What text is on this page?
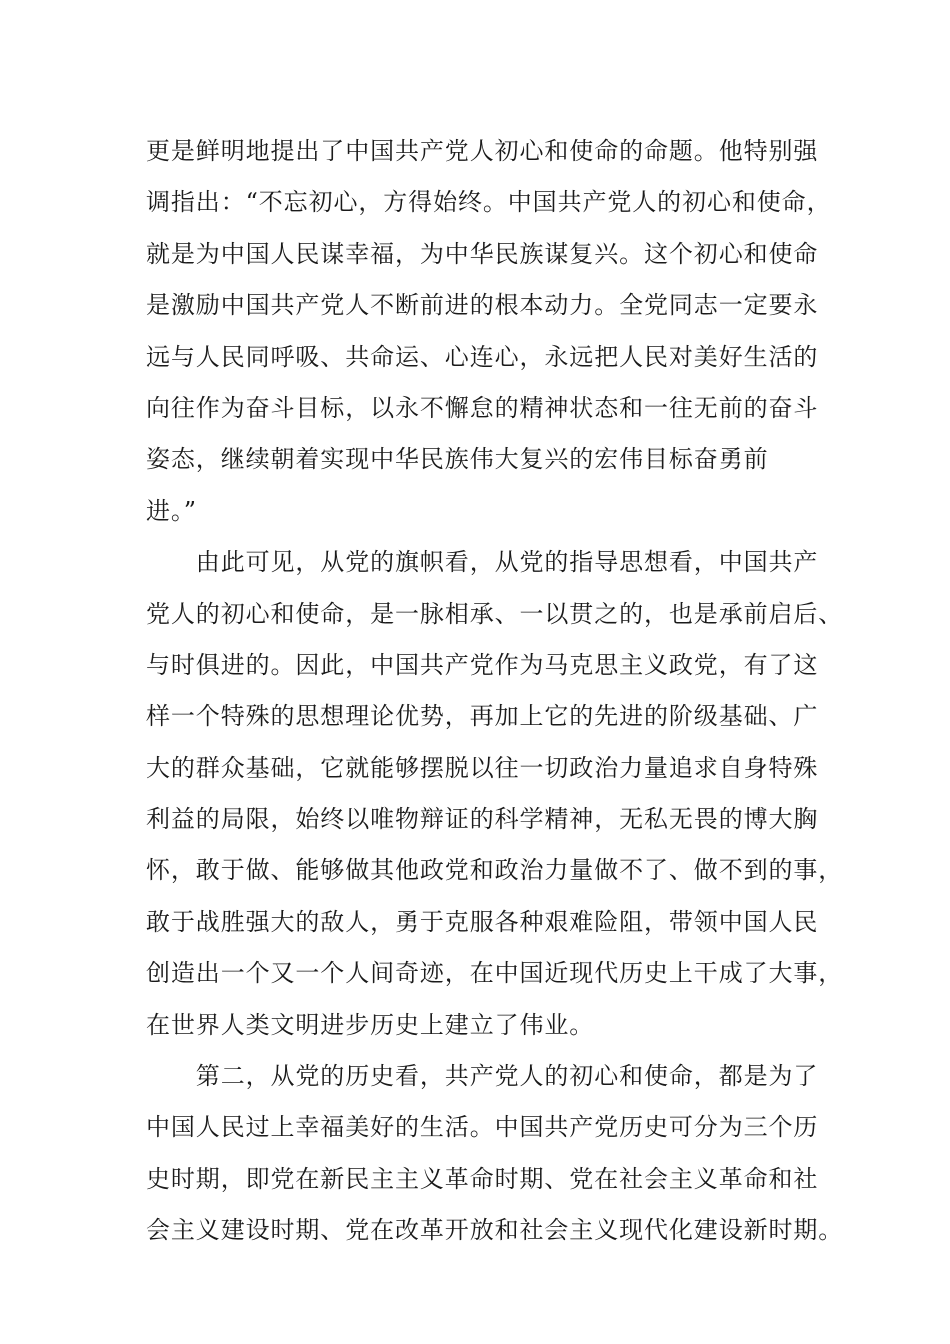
更是鲜明地提出了中国共产党人初心和使命的命题。他特别强
调指出：“不忘初心，方得始终。中国共产党人的初心和使命，
就是为中国人民谋幸福，为中华民族谋复兴。这个初心和使命
是激励中国共产党人不断前进的根本动力。全党同志一定要永
远与人民同呼吸、共命运、心连心，永远把人民对美好生活的
向往作为奋斗目标，以永不懈怠的精神状态和一往无前的奋斗
姿态，继续朝着实现中华民族伟大复兴的宏伟目标奋勇前
进。”
　　由此可见，从党的旗帜看，从党的指导思想看，中国共产
党人的初心和使命，是一脉相承、一以贯之的，也是承前启后、
与时俱进的。因此，中国共产党作为马克思主义政党，有了这
样一个特殊的思想理论优势，再加上它的先进的阶级基础、广
大的群众基础，它就能够摆脱以往一切政治力量追求自身特殊
利益的局限，始终以唯物辩证的科学精神，无私无畏的博大胸
怀，敢于做、能够做其他政党和政治力量做不了、做不到的事，
敢于战胜强大的敌人，勇于克服各种艰难险阻，带领中国人民
创造出一个又一个人间奇迹，在中国近现代历史上干成了大事，
在世界人类文明进步历史上建立了伟业。
　　第二，从党的历史看，共产党人的初心和使命，都是为了
中国人民过上幸福美好的生活。中国共产党历史可分为三个历
史时期，即党在新民主主义革命时期、党在社会主义革命和社
会主义建设时期、党在改革开放和社会主义现代化建设新时期。
